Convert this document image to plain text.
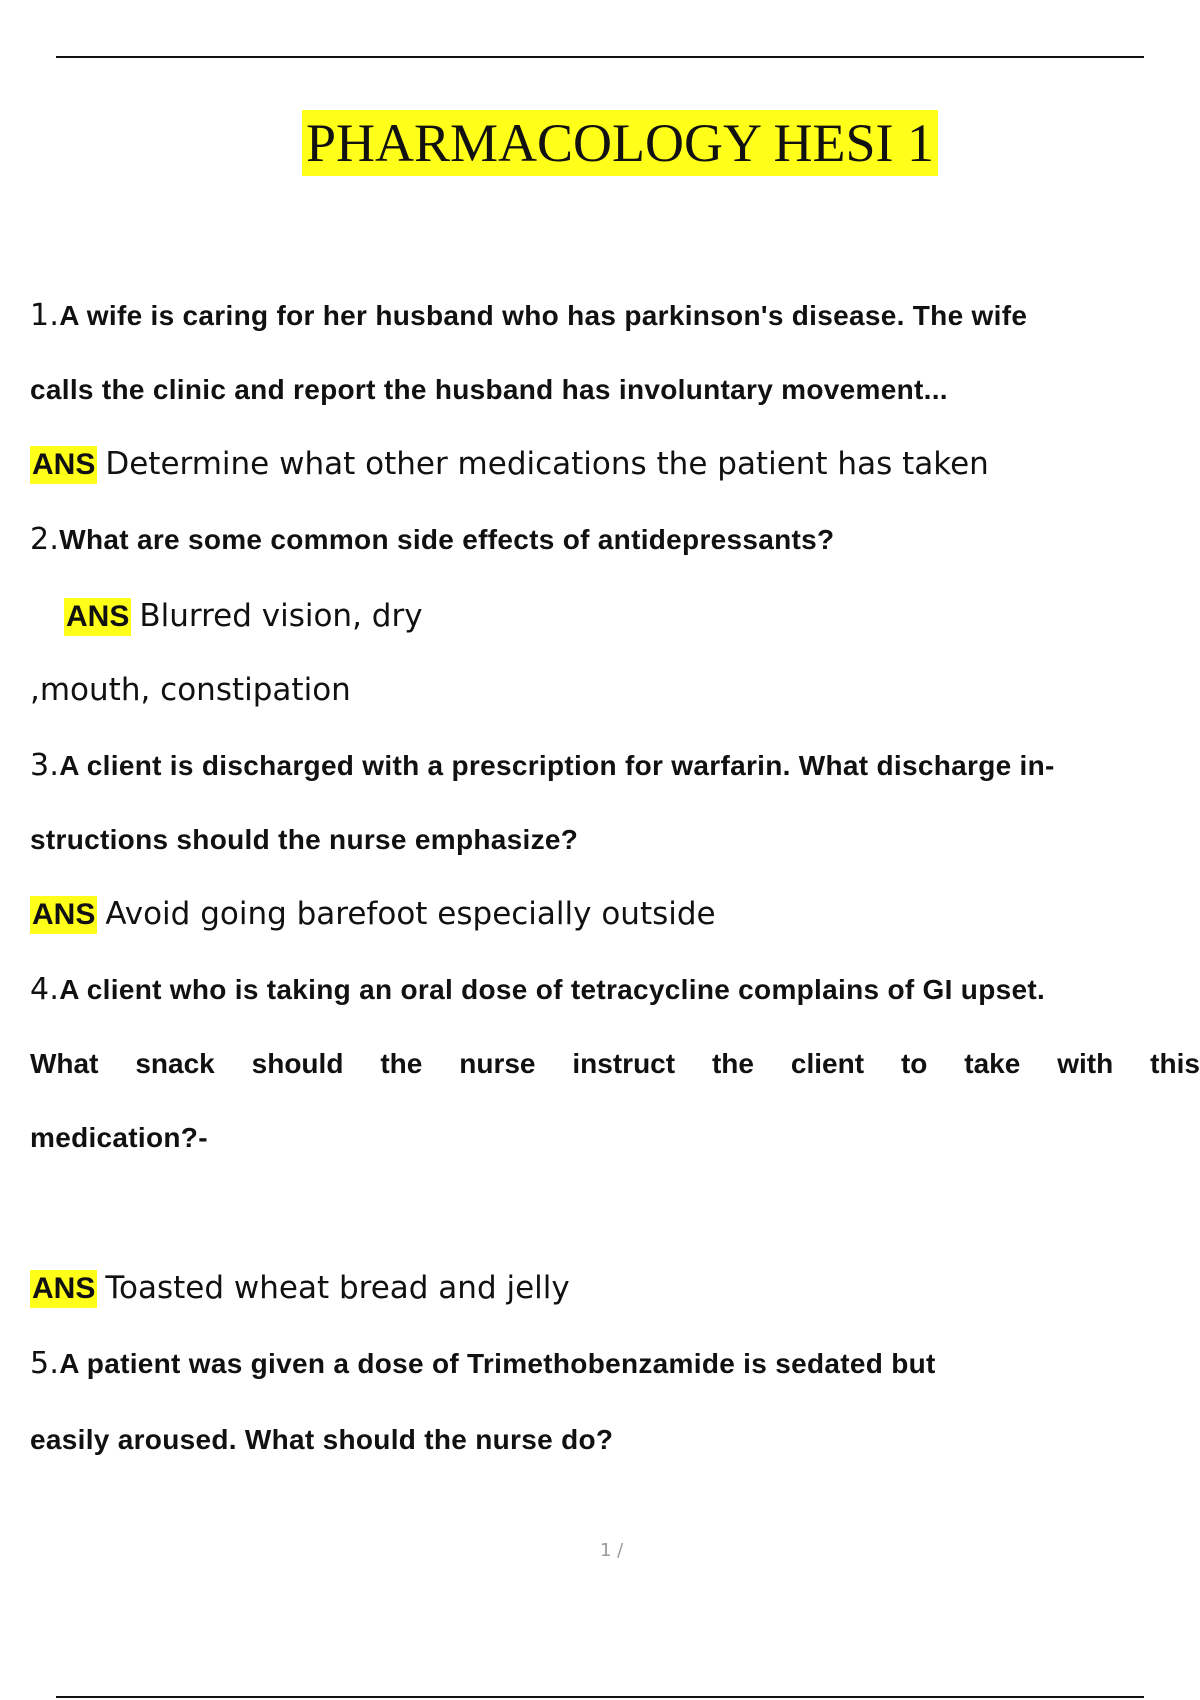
PHARMACOLOGY HESI 1
1.A wife is caring for her husband who has parkinson's disease. The wife
calls the clinic and report the husband has involuntary movement...
ANS Determine what other medications the patient has taken
2.What are some common side effects of antidepressants?
ANS Blurred vision, dry
,mouth, constipation
3.A client is discharged with a prescription for warfarin. What discharge in-
structions should the nurse emphasize?
ANS Avoid going barefoot especially outside
4.A client who is taking an oral dose of tetracycline complains of GI upset.
What snack should the nurse instruct the client to take with this
medication?-
ANS Toasted wheat bread and jelly
5.A patient was given a dose of Trimethobenzamide is sedated but
easily aroused. What should the nurse do?
1 /
